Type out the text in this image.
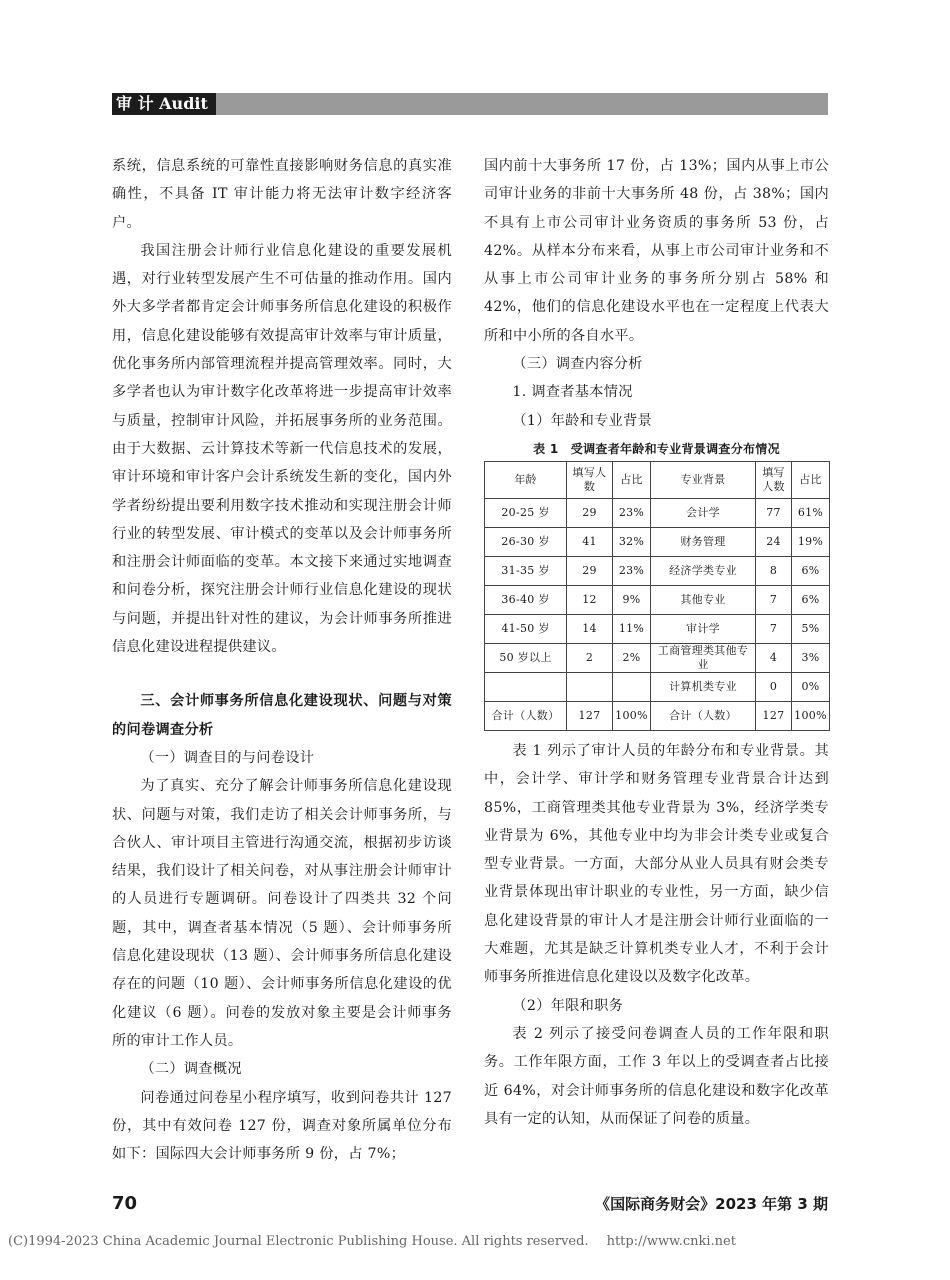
审 计 Audit

系统，信息系统的可靠性直接影响财务信息的真实准确性，不具备 IT 审计能力将无法审计数字经济客户。

我国注册会计师行业信息化建设的重要发展机遇，对行业转型发展产生不可估量的推动作用。国内外大多学者都肯定会计师事务所信息化建设的积极作用，信息化建设能够有效提高审计效率与审计质量，优化事务所内部管理流程并提高管理效率。同时，大多学者也认为审计数字化改革将进一步提高审计效率与质量，控制审计风险，并拓展事务所的业务范围。由于大数据、云计算技术等新一代信息技术的发展，审计环境和审计客户会计系统发生新的变化，国内外学者纷纷提出要利用数字技术推动和实现注册会计师行业的转型发展、审计模式的变革以及会计师事务所和注册会计师面临的变革。本文接下来通过实地调查和问卷分析，探究注册会计师行业信息化建设的现状与问题，并提出针对性的建议，为会计师事务所推进信息化建设进程提供建议。

三、会计师事务所信息化建设现状、问题与对策的问卷调查分析

（一）调查目的与问卷设计

为了真实、充分了解会计师事务所信息化建设现状、问题与对策，我们走访了相关会计师事务所，与合伙人、审计项目主管进行沟通交流，根据初步访谈结果，我们设计了相关问卷，对从事注册会计师审计的人员进行专题调研。问卷设计了四类共 32 个问题，其中，调查者基本情况（5 题）、会计师事务所信息化建设现状（13 题）、会计师事务所信息化建设存在的问题（10 题）、会计师事务所信息化建设的优化建议（6 题）。问卷的发放对象主要是会计师事务所的审计工作人员。

（二）调查概况

问卷通过问卷星小程序填写，收到问卷共计 127 份，其中有效问卷 127 份，调查对象所属单位分布如下：国际四大会计师事务所 9 份，占 7%；

国内前十大事务所 17 份，占 13%；国内从事上市公司审计业务的非前十大事务所 48 份，占 38%；国内不具有上市公司审计业务资质的事务所 53 份，占 42%。从样本分布来看，从事上市公司审计业务和不从事上市公司审计业务的事务所分别占 58% 和 42%，他们的信息化建设水平也在一定程度上代表大所和中小所的各自水平。

（三）调查内容分析

1. 调查者基本情况

（1）年龄和专业背景

表 1　受调查者年龄和专业背景调查分布情况
年龄	填写人数	占比	专业背景	填写人数	占比
20-25 岁	29	23%	会计学	77	61%
26-30 岁	41	32%	财务管理	24	19%
31-35 岁	29	23%	经济学类专业	8	6%
36-40 岁	12	9%	其他专业	7	6%
41-50 岁	14	11%	审计学	7	5%
50 岁以上	2	2%	工商管理类其他专业	4	3%
			计算机类专业	0	0%
合计（人数）	127	100%	合计（人数）	127	100%

表 1 列示了审计人员的年龄分布和专业背景。其中，会计学、审计学和财务管理专业背景合计达到 85%，工商管理类其他专业背景为 3%，经济学类专业背景为 6%，其他专业中均为非会计类专业或复合型专业背景。一方面，大部分从业人员具有财会类专业背景体现出审计职业的专业性，另一方面，缺少信息化建设背景的审计人才是注册会计师行业面临的一大难题，尤其是缺乏计算机类专业人才，不利于会计师事务所推进信息化建设以及数字化改革。

（2）年限和职务

表 2 列示了接受问卷调查人员的工作年限和职务。工作年限方面，工作 3 年以上的受调查者占比接近 64%，对会计师事务所的信息化建设和数字化改革具有一定的认知，从而保证了问卷的质量。

70	《国际商务财会》2023 年第 3 期
(C)1994-2023 China Academic Journal Electronic Publishing House. All rights reserved. http://www.cnki.net
